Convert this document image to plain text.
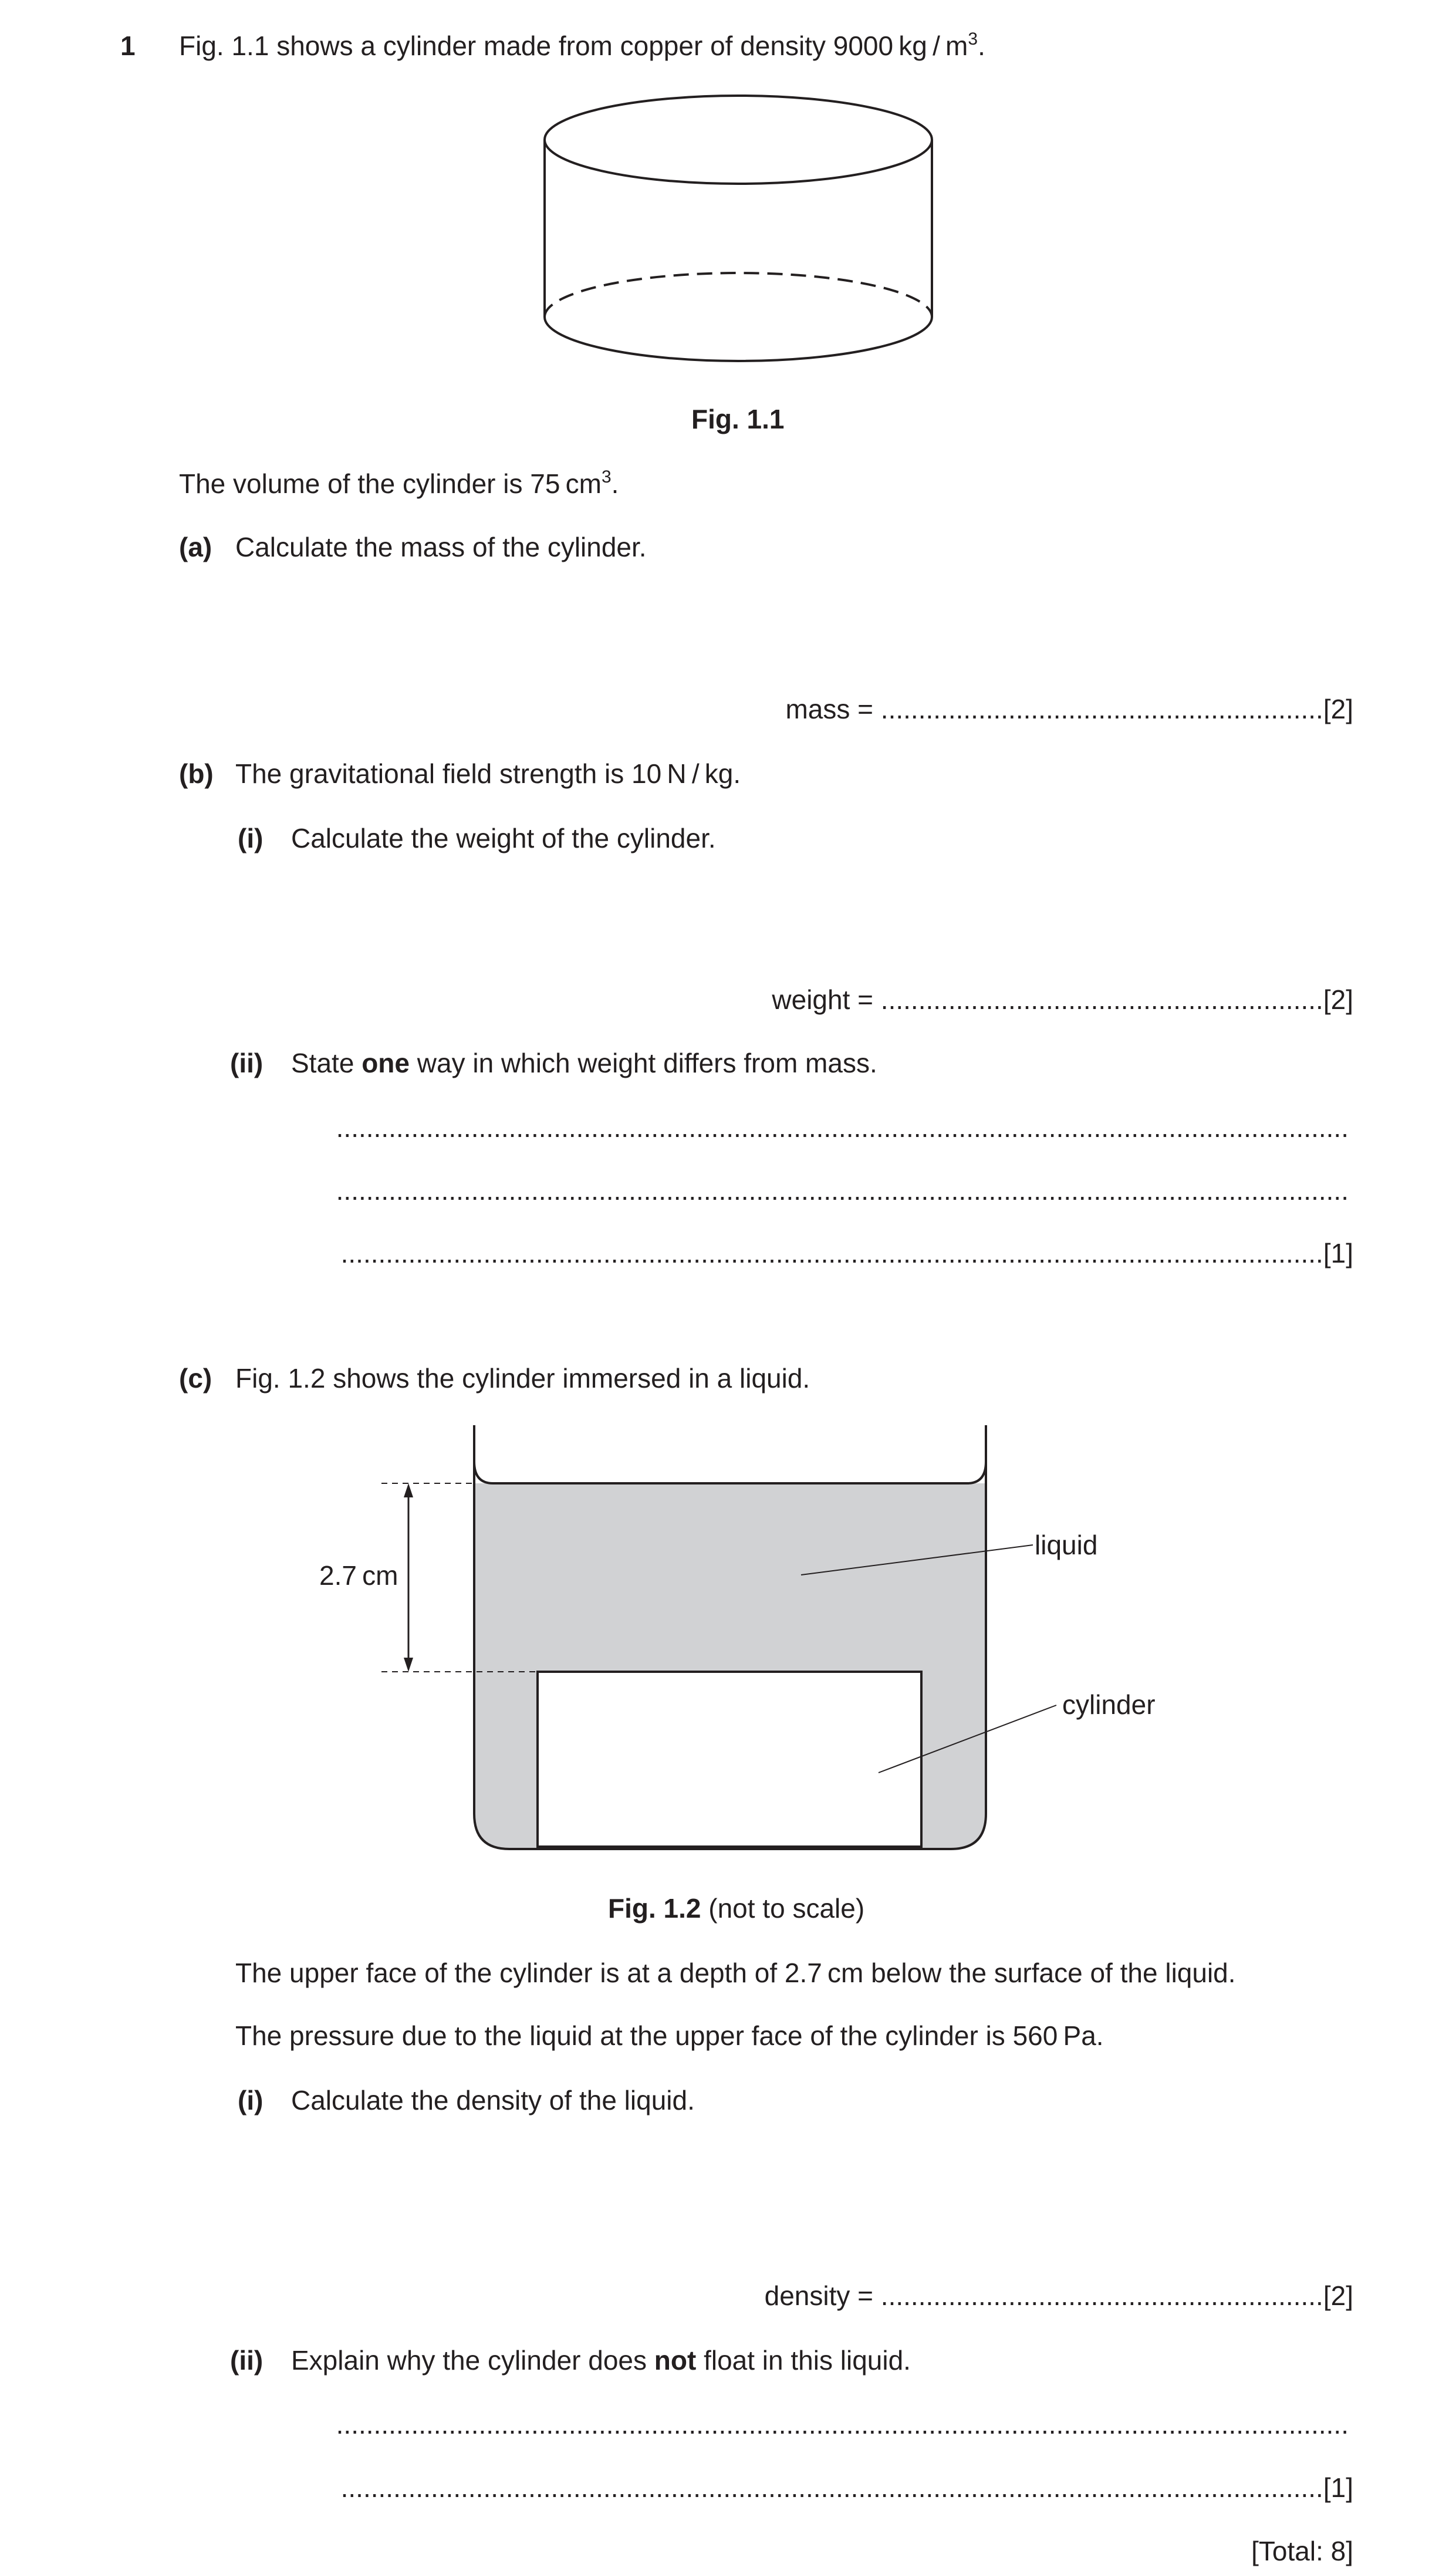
1 Fig. 1.1 shows a cylinder made from copper of density 9000 kg / $m^3$.
Fig. 1.1
The volume of the cylinder is 75 $cm^3$.
(a) Calculate the mass of the cylinder.
mass = ...........................................................[2]
(b) The gravitational field strength is 10 N / kg.
(i) Calculate the weight of the cylinder.
weight = ...........................................................[2]
(ii) State one way in which weight differs from mass.
.......................................................................................................................................
.......................................................................................................................................
...................................................................................................................................[1]
(c) Fig. 1.2 shows the cylinder immersed in a liquid.
2.7 cm
liquid
cylinder
Fig. 1.2 (not to scale)
The upper face of the cylinder is at a depth of 2.7 cm below the surface of the liquid.
The pressure due to the liquid at the upper face of the cylinder is 560 Pa.
(i) Calculate the density of the liquid.
density = ...........................................................[2]
(ii) Explain why the cylinder does not float in this liquid.
.......................................................................................................................................
...................................................................................................................................[1]
[Total: 8]
